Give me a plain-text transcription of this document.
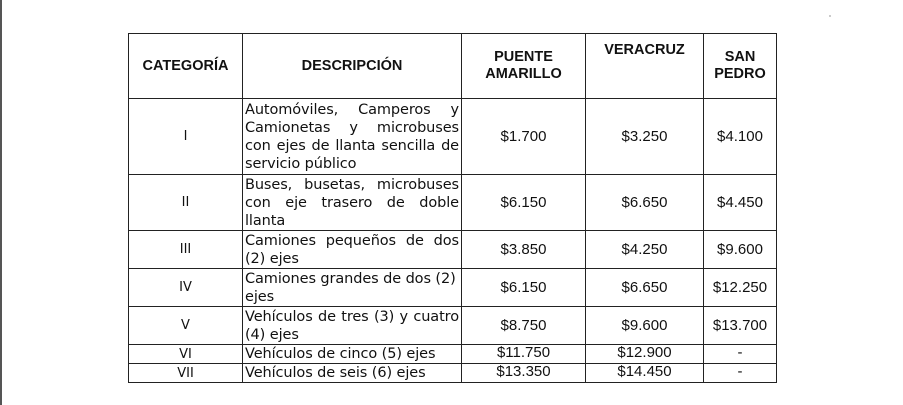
CATEGORÍA	DESCRIPCIÓN	PUENTE AMARILLO	VERACRUZ	SAN PEDRO
I	Automóviles, Camperos y Camionetas y microbuses con ejes de llanta sencilla de servicio público	$1.700	$3.250	$4.100
II	Buses, busetas, microbuses con eje trasero de doble llanta	$6.150	$6.650	$4.450
III	Camiones pequeños de dos (2) ejes	$3.850	$4.250	$9.600
IV	Camiones grandes de dos (2) ejes	$6.150	$6.650	$12.250
V	Vehículos de tres (3) y cuatro (4) ejes	$8.750	$9.600	$13.700
VI	Vehículos de cinco (5) ejes	$11.750	$12.900	-
VII	Vehículos de seis (6) ejes	$13.350	$14.450	-
